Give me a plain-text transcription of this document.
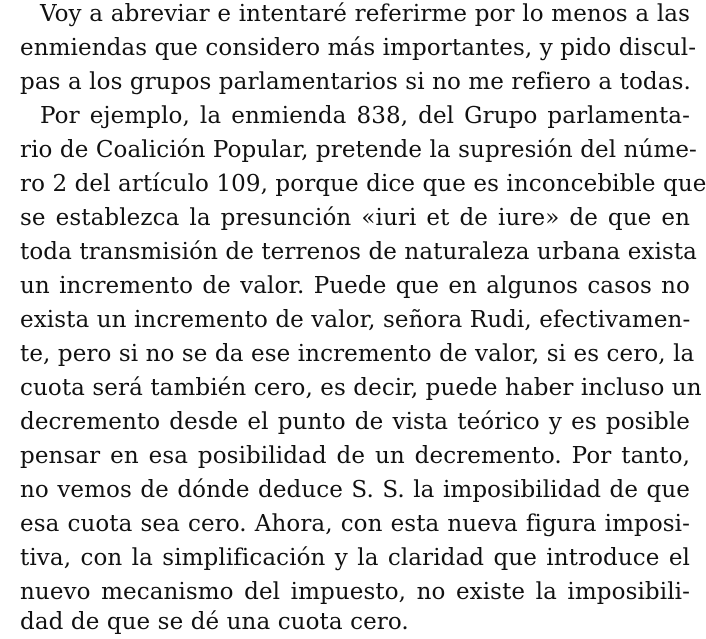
Voy a abreviar e intentaré referirme por lo menos a las
enmiendas que considero más importantes, y pido discul-
pas a los grupos parlamentarios si no me refiero a todas.
Por ejemplo, la enmienda 838, del Grupo parlamenta-
rio de Coalición Popular, pretende la supresión del núme-
ro 2 del artículo 109, porque dice que es inconcebible que
se establezca la presunción «iuri et de iure» de que en
toda transmisión de terrenos de naturaleza urbana exista
un incremento de valor. Puede que en algunos casos no
exista un incremento de valor, señora Rudi, efectivamen-
te, pero si no se da ese incremento de valor, si es cero, la
cuota será también cero, es decir, puede haber incluso un
decremento desde el punto de vista teórico y es posible
pensar en esa posibilidad de un decremento. Por tanto,
no vemos de dónde deduce S. S. la imposibilidad de que
esa cuota sea cero. Ahora, con esta nueva figura imposi-
tiva, con la simplificación y la claridad que introduce el
nuevo mecanismo del impuesto, no existe la imposibili-
dad de que se dé una cuota cero.
